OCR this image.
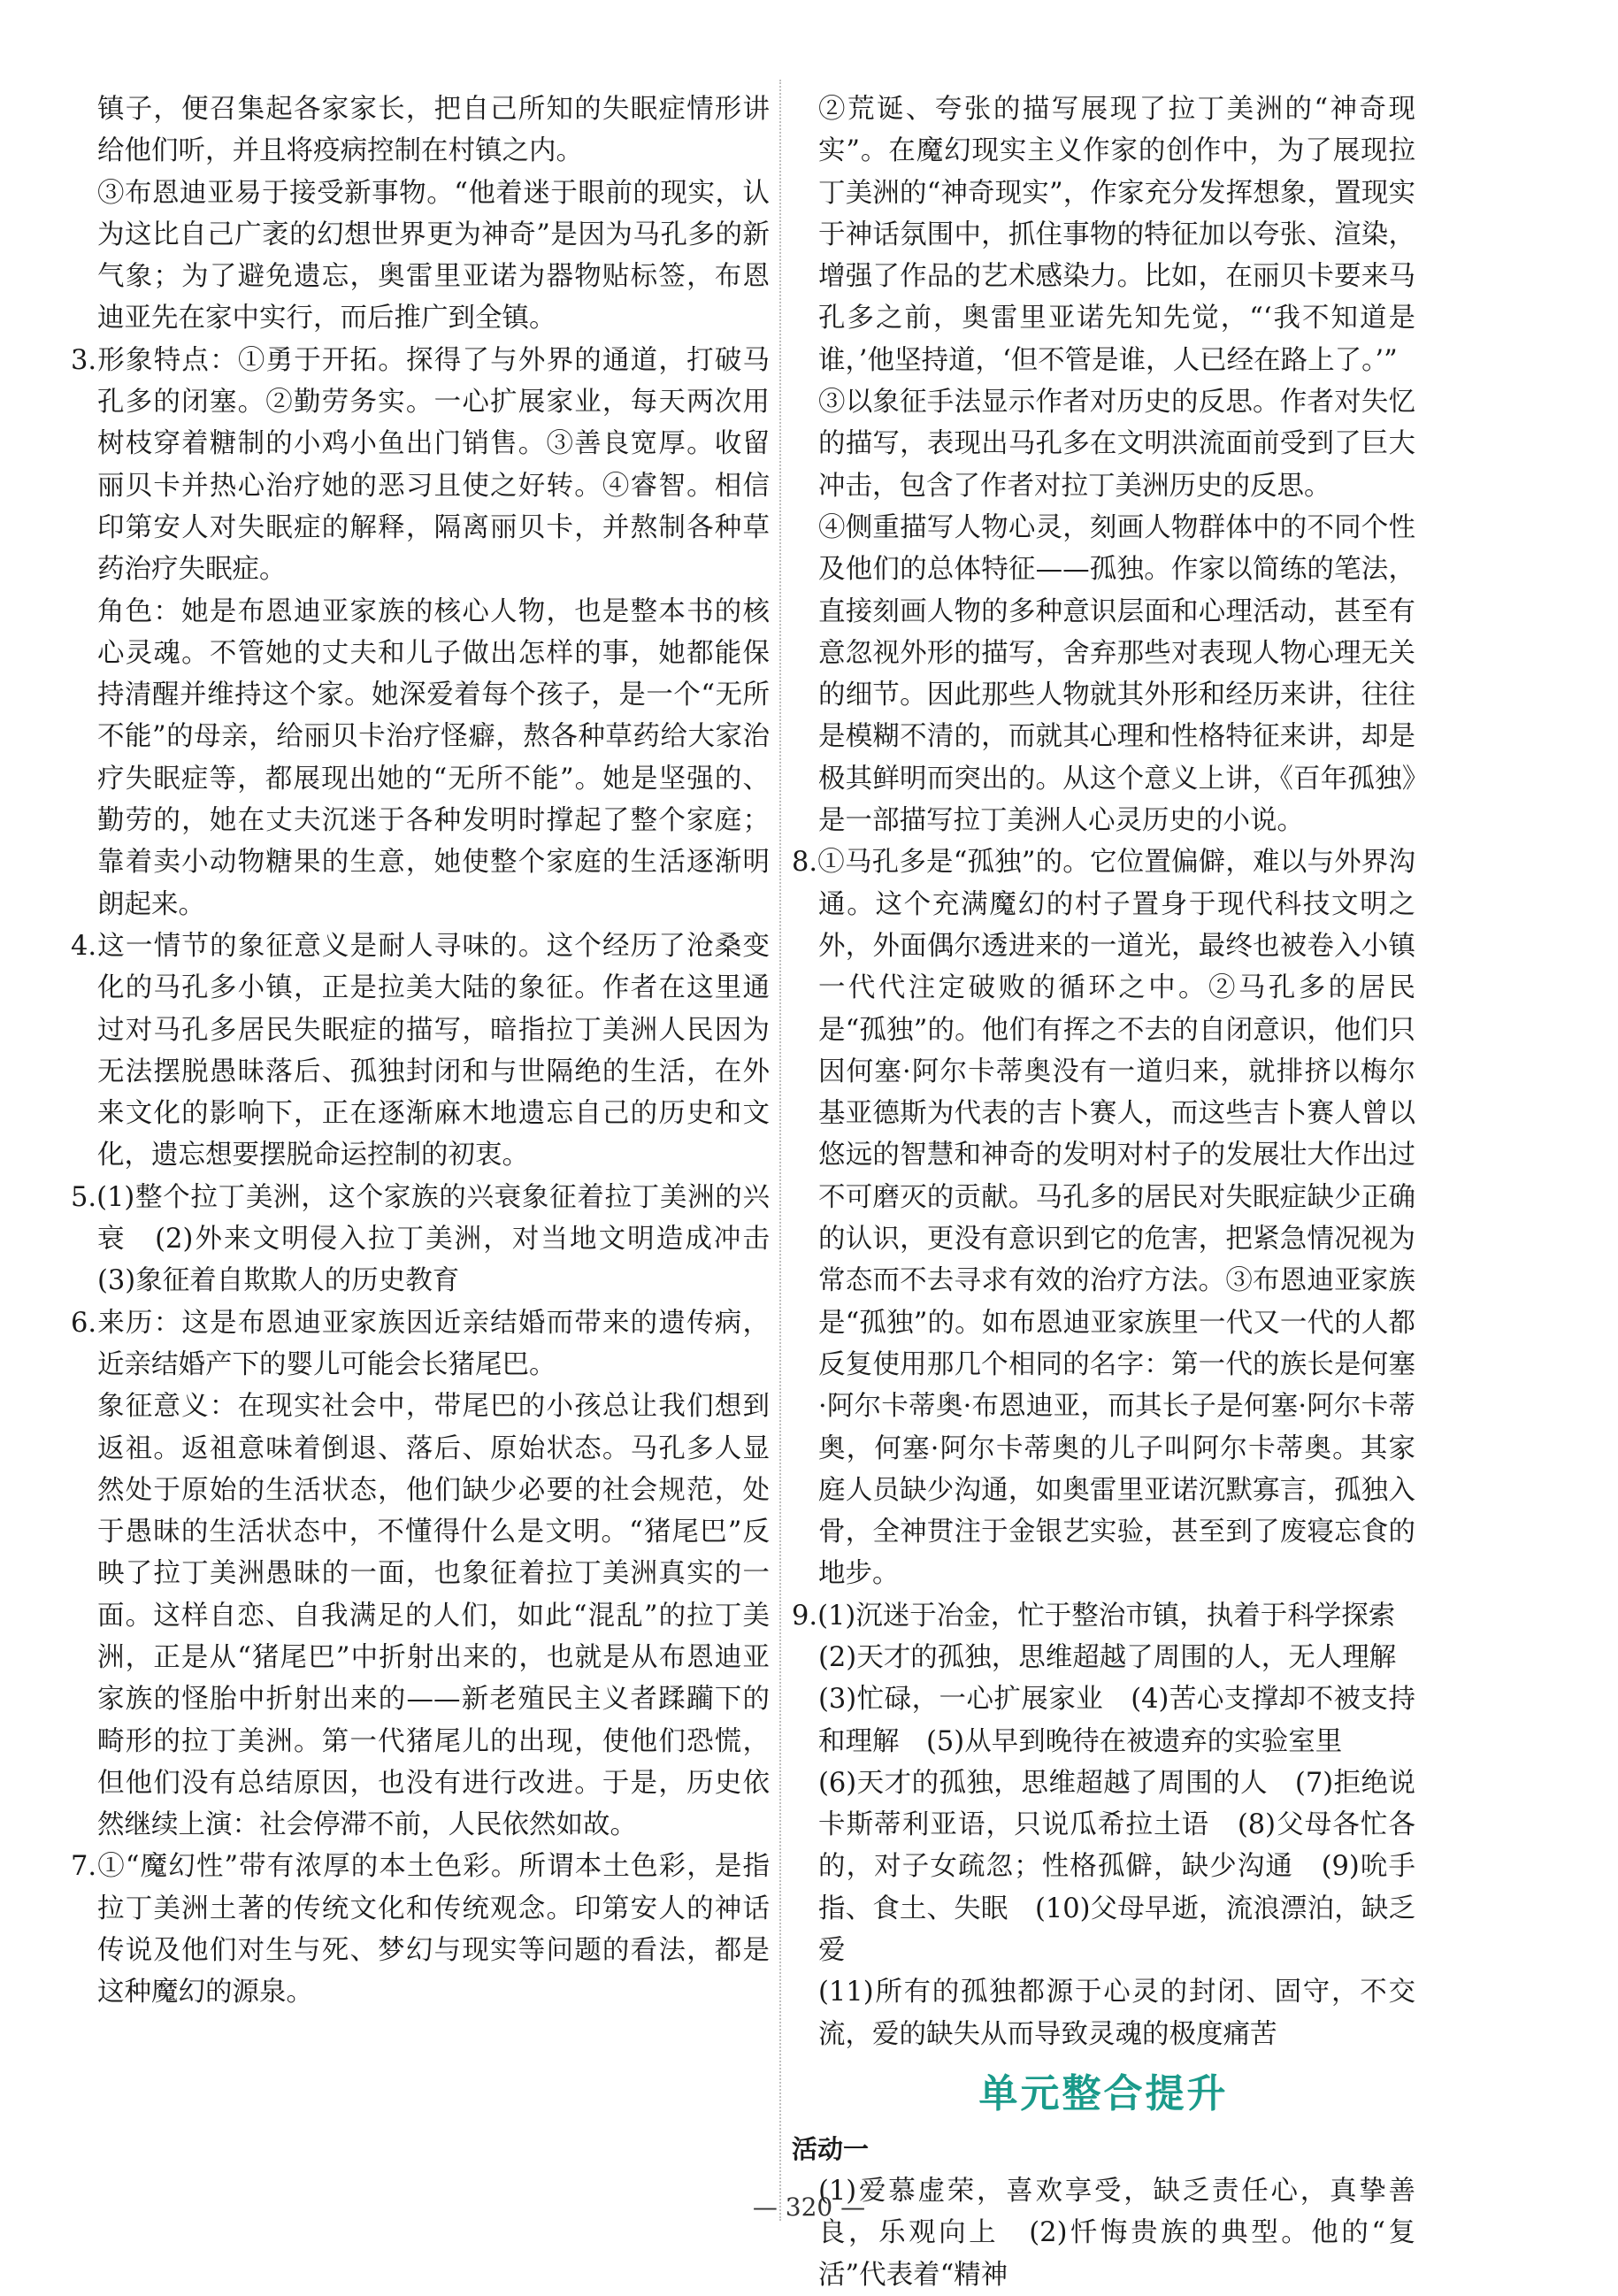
镇子，便召集起各家家长，把自己所知的失眠症情形讲给他们听，并且将疫病控制在村镇之内。

③布恩迪亚易于接受新事物。“他着迷于眼前的现实，认为这比自己广袤的幻想世界更为神奇”是因为马孔多的新气象；为了避免遗忘，奥雷里亚诺为器物贴标签，布恩迪亚先在家中实行，而后推广到全镇。

3.形象特点：①勇于开拓。探得了与外界的通道，打破马孔多的闭塞。②勤劳务实。一心扩展家业，每天两次用树枝穿着糖制的小鸡小鱼出门销售。③善良宽厚。收留丽贝卡并热心治疗她的恶习且使之好转。④睿智。相信印第安人对失眠症的解释，隔离丽贝卡，并熬制各种草药治疗失眠症。

角色：她是布恩迪亚家族的核心人物，也是整本书的核心灵魂。不管她的丈夫和儿子做出怎样的事，她都能保持清醒并维持这个家。她深爱着每个孩子，是一个“无所不能”的母亲，给丽贝卡治疗怪癖，熬各种草药给大家治疗失眠症等，都展现出她的“无所不能”。她是坚强的、勤劳的，她在丈夫沉迷于各种发明时撑起了整个家庭；靠着卖小动物糖果的生意，她使整个家庭的生活逐渐明朗起来。

4.这一情节的象征意义是耐人寻味的。这个经历了沧桑变化的马孔多小镇，正是拉美大陆的象征。作者在这里通过对马孔多居民失眠症的描写，暗指拉丁美洲人民因为无法摆脱愚昧落后、孤独封闭和与世隔绝的生活，在外来文化的影响下，正在逐渐麻木地遗忘自己的历史和文化，遗忘想要摆脱命运控制的初衷。

5.(1)整个拉丁美洲，这个家族的兴衰象征着拉丁美洲的兴衰　(2)外来文明侵入拉丁美洲，对当地文明造成冲击　(3)象征着自欺欺人的历史教育

6.来历：这是布恩迪亚家族因近亲结婚而带来的遗传病，近亲结婚产下的婴儿可能会长猪尾巴。

象征意义：在现实社会中，带尾巴的小孩总让我们想到返祖。返祖意味着倒退、落后、原始状态。马孔多人显然处于原始的生活状态，他们缺少必要的社会规范，处于愚昧的生活状态中，不懂得什么是文明。“猪尾巴”反映了拉丁美洲愚昧的一面，也象征着拉丁美洲真实的一面。这样自恋、自我满足的人们，如此“混乱”的拉丁美洲，正是从“猪尾巴”中折射出来的，也就是从布恩迪亚家族的怪胎中折射出来的——新老殖民主义者蹂躏下的畸形的拉丁美洲。第一代猪尾儿的出现，使他们恐慌，但他们没有总结原因，也没有进行改进。于是，历史依然继续上演：社会停滞不前，人民依然如故。

7.①“魔幻性”带有浓厚的本土色彩。所谓本土色彩，是指拉丁美洲土著的传统文化和传统观念。印第安人的神话传说及他们对生与死、梦幻与现实等问题的看法，都是这种魔幻的源泉。

②荒诞、夸张的描写展现了拉丁美洲的“神奇现实”。在魔幻现实主义作家的创作中，为了展现拉丁美洲的“神奇现实”，作家充分发挥想象，置现实于神话氛围中，抓住事物的特征加以夸张、渲染，增强了作品的艺术感染力。比如，在丽贝卡要来马孔多之前，奥雷里亚诺先知先觉，“‘我不知道是谁，’他坚持道，‘但不管是谁，人已经在路上了。’”

③以象征手法显示作者对历史的反思。作者对失忆的描写，表现出马孔多在文明洪流面前受到了巨大冲击，包含了作者对拉丁美洲历史的反思。

④侧重描写人物心灵，刻画人物群体中的不同个性及他们的总体特征——孤独。作家以简练的笔法，直接刻画人物的多种意识层面和心理活动，甚至有意忽视外形的描写，舍弃那些对表现人物心理无关的细节。因此那些人物就其外形和经历来讲，往往是模糊不清的，而就其心理和性格特征来讲，却是极其鲜明而突出的。从这个意义上讲，《百年孤独》是一部描写拉丁美洲人心灵历史的小说。

8.①马孔多是“孤独”的。它位置偏僻，难以与外界沟通。这个充满魔幻的村子置身于现代科技文明之外，外面偶尔透进来的一道光，最终也被卷入小镇一代代注定破败的循环之中。②马孔多的居民是“孤独”的。他们有挥之不去的自闭意识，他们只因何塞·阿尔卡蒂奥没有一道归来，就排挤以梅尔基亚德斯为代表的吉卜赛人，而这些吉卜赛人曾以悠远的智慧和神奇的发明对村子的发展壮大作出过不可磨灭的贡献。马孔多的居民对失眠症缺少正确的认识，更没有意识到它的危害，把紧急情况视为常态而不去寻求有效的治疗方法。③布恩迪亚家族是“孤独”的。如布恩迪亚家族里一代又一代的人都反复使用那几个相同的名字：第一代的族长是何塞·阿尔卡蒂奥·布恩迪亚，而其长子是何塞·阿尔卡蒂奥，何塞·阿尔卡蒂奥的儿子叫阿尔卡蒂奥。其家庭人员缺少沟通，如奥雷里亚诺沉默寡言，孤独入骨，全神贯注于金银艺实验，甚至到了废寝忘食的地步。

9.(1)沉迷于冶金，忙于整治市镇，执着于科学探索

(2)天才的孤独，思维超越了周围的人，无人理解

(3)忙碌，一心扩展家业　(4)苦心支撑却不被支持和理解　(5)从早到晚待在被遗弃的实验室里

(6)天才的孤独，思维超越了周围的人　(7)拒绝说卡斯蒂利亚语，只说瓜希拉土语　(8)父母各忙各的，对子女疏忽；性格孤僻，缺少沟通　(9)吮手指、食土、失眠　(10)父母早逝，流浪漂泊，缺乏爱

(11)所有的孤独都源于心灵的封闭、固守，不交流，爱的缺失从而导致灵魂的极度痛苦

单元整合提升
活动一

(1)爱慕虚荣，喜欢享受，缺乏责任心，真挚善良，乐观向上　(2)忏悔贵族的典型。他的“复活”代表着“精神

— 320 —
